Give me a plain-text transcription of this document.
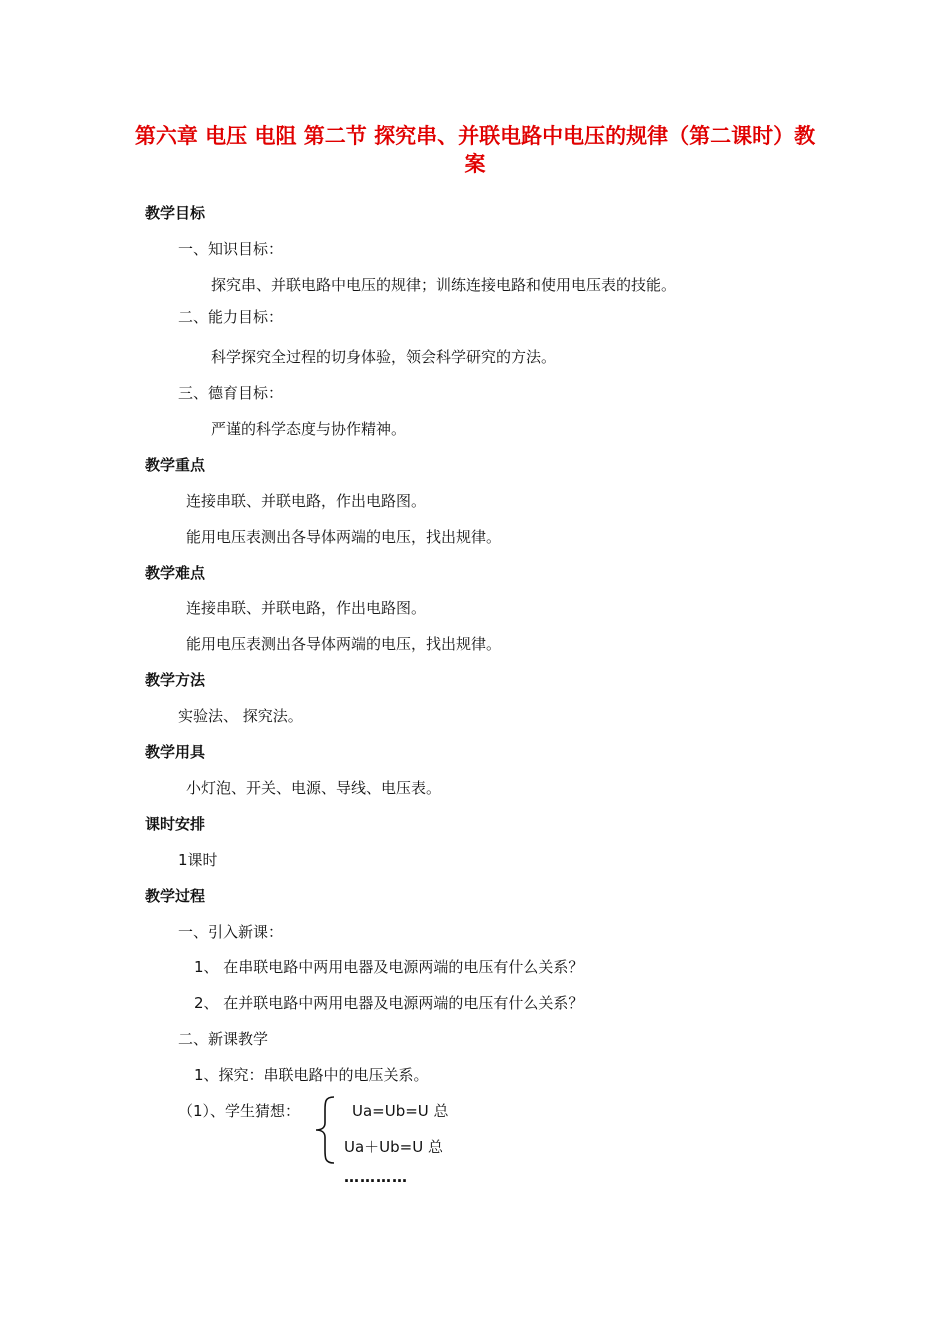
第六章 电压 电阻 第二节 探究串、并联电路中电压的规律（第二课时）教案
教学目标
一、知识目标：
探究串、并联电路中电压的规律；训练连接电路和使用电压表的技能。
二、能力目标：
科学探究全过程的切身体验，领会科学研究的方法。
三、德育目标：
严谨的科学态度与协作精神。
教学重点
连接串联、并联电路，作出电路图。
能用电压表测出各导体两端的电压，找出规律。
教学难点
连接串联、并联电路，作出电路图。
能用电压表测出各导体两端的电压，找出规律。
教学方法
实验法、 探究法。
教学用具
小灯泡、开关、电源、导线、电压表。
课时安排
1课时
教学过程
一、引入新课：
1、 在串联电路中两用电器及电源两端的电压有什么关系？
2、 在并联电路中两用电器及电源两端的电压有什么关系？
二、新课教学
1、探究：串联电路中的电压关系。
（1）、学生猜想：	Ua=Ub=U 总
Ua＋Ub=U 总
…………
